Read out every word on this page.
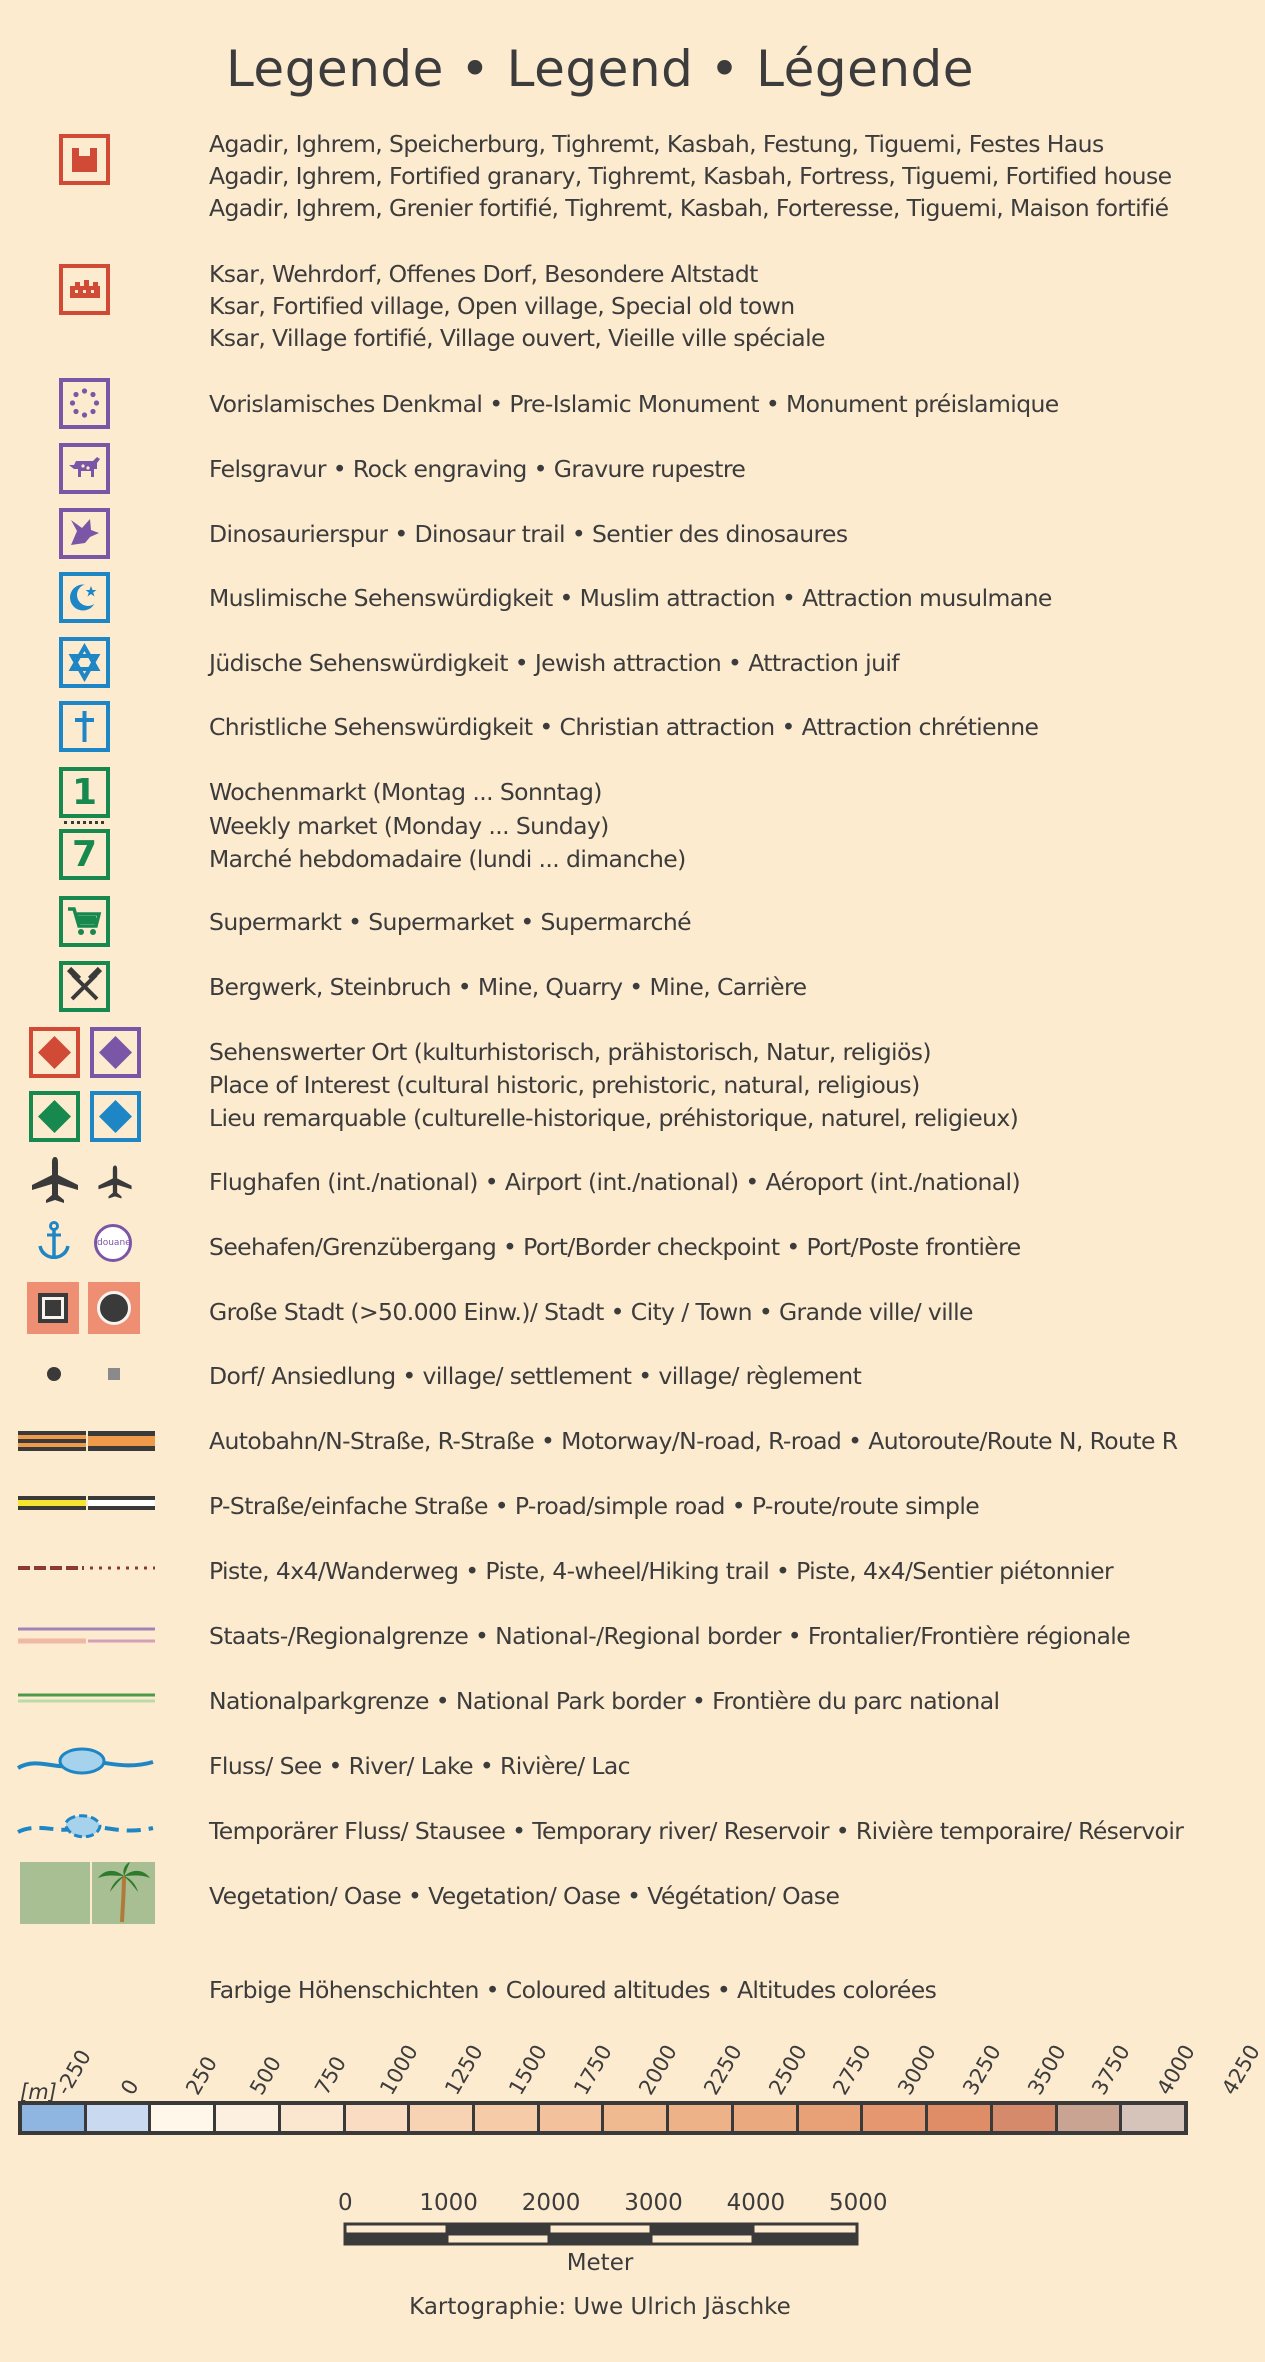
Legende • Legend • Légende
Agadir, Ighrem, Speicherburg, Tighremt, Kasbah, Festung, Tiguemi, Festes Haus
Agadir, Ighrem, Fortified granary, Tighremt, Kasbah, Fortress, Tiguemi, Fortified house
Agadir, Ighrem, Grenier fortifié, Tighremt, Kasbah, Forteresse, Tiguemi, Maison fortifié
Ksar, Wehrdorf, Offenes Dorf, Besondere Altstadt
Ksar, Fortified village, Open village, Special old town
Ksar, Village fortifié, Village ouvert, Vieille ville spéciale
Vorislamisches Denkmal • Pre-Islamic Monument • Monument préislamique
Felsgravur • Rock engraving • Gravure rupestre
Dinosaurierspur • Dinosaur trail • Sentier des dinosaures
Muslimische Sehenswürdigkeit • Muslim attraction • Attraction musulmane
Jüdische Sehenswürdigkeit • Jewish attraction • Attraction juif
Christliche Sehenswürdigkeit • Christian attraction • Attraction chrétienne
1
7
Wochenmarkt (Montag ... Sonntag)
Weekly market (Monday ... Sunday)
Marché hebdomadaire (lundi ... dimanche)
Supermarkt • Supermarket • Supermarché
Bergwerk, Steinbruch • Mine, Quarry • Mine, Carrière
Sehenswerter Ort (kulturhistorisch, prähistorisch, Natur, religiös)
Place of Interest (cultural historic, prehistoric, natural, religious)
Lieu remarquable (culturelle-historique, préhistorique, naturel, religieux)
Flughafen (int./national) • Airport (int./national) • Aéroport (int./national)
douane	Seehafen/Grenzübergang • Port/Border checkpoint • Port/Poste frontière
Große Stadt (>50.000 Einw.)/ Stadt • City / Town • Grande ville/ ville
Dorf/ Ansiedlung • village/ settlement • village/ règlement
Autobahn/N-Straße, R-Straße • Motorway/N-road, R-road • Autoroute/Route N, Route R
P-Straße/einfache Straße • P-road/simple road • P-route/route simple
Piste, 4x4/Wanderweg • Piste, 4-wheel/Hiking trail • Piste, 4x4/Sentier piétonnier
Staats-/Regionalgrenze • National-/Regional border • Frontalier/Frontière régionale
Nationalparkgrenze • National Park border • Frontière du parc national
Fluss/ See • River/ Lake • Rivière/ Lac
Temporärer Fluss/ Stausee • Temporary river/ Reservoir • Rivière temporaire/ Réservoir
Vegetation/ Oase • Vegetation/ Oase • Végétation/ Oase
Farbige Höhenschichten • Coloured altitudes • Altitudes colorées
-250 0 250 500 750 1000 1250 1500 1750 2000 2250 2500 2750 3000 3250 3500 3750 4000 4250
[m]
0	1000 2000 3000 4000 5000
Meter
Kartographie: Uwe Ulrich Jäschke
